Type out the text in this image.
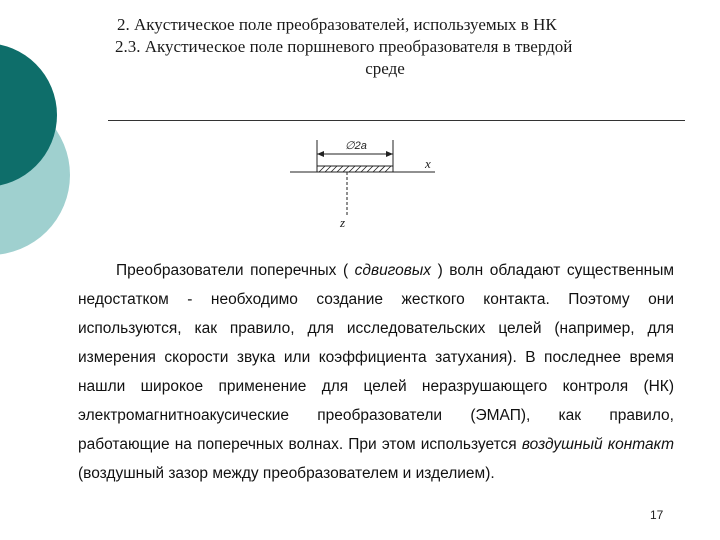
2. Акустическое поле преобразователей, используемых в НК
2.3. Акустическое поле поршневого преобразователя в твердой
среде
∅2a
x
z

Преобразователи поперечных ( сдвиговых ) волн обладают существенным недостатком - необходимо создание жесткого контакта. Поэтому они используются, как правило, для исследовательских целей (например, для измерения скорости звука или коэффициента затухания). В последнее время нашли широкое применение для целей неразрушающего контроля (НК) электромагнитноакусические преобразователи (ЭМАП), как правило, работающие на поперечных волнах. При этом используется воздушный контакт (воздушный зазор между преобразователем и изделием).

17
